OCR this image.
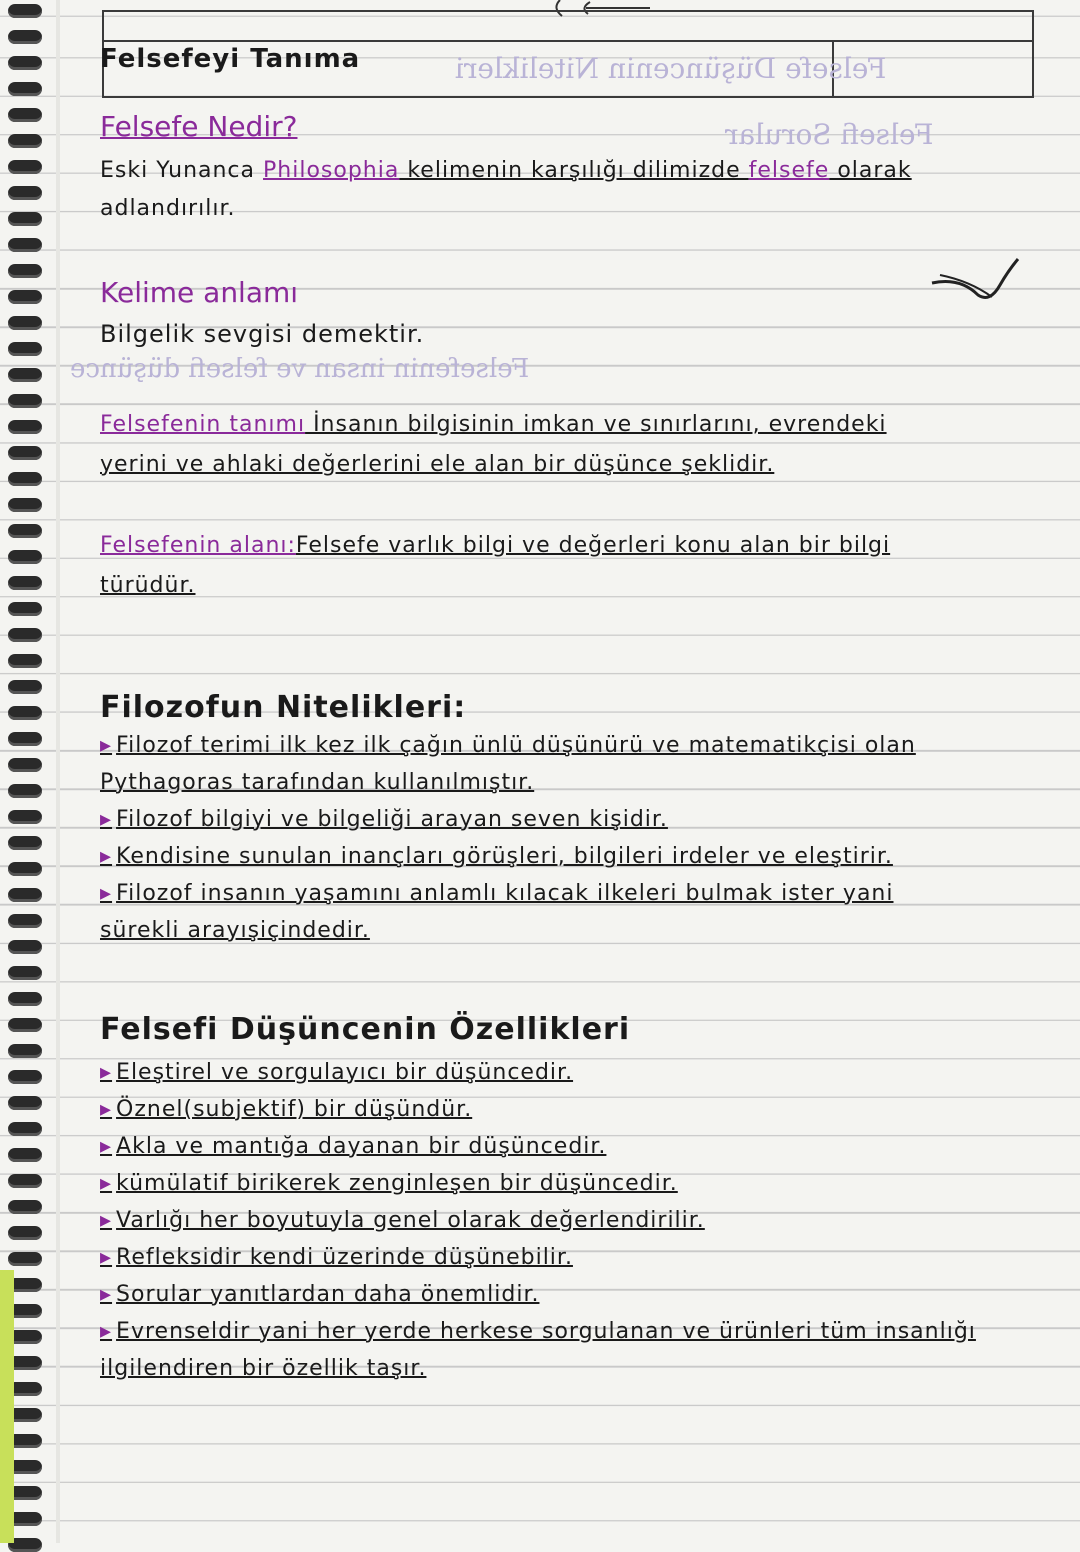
Felsefeyi Tanıma	Felsefe Düşüncenin Nitelikleri
Felsefi Sorular
Felsefenin insan ve felsefi düşünce
Felsefe Nedir?
Eski Yunanca Philosophia kelimenin karşılığı dilimizde felsefe olarak
adlandırılır.
Kelime anlamı
Bilgelik sevgisi demektir.
Felsefenin tanımı İnsanın bilgisinin imkan ve sınırlarını, evrendeki
yerini ve ahlaki değerlerini ele alan bir düşünce şeklidir.
Felsefenin alanı:Felsefe varlık bilgi ve değerleri konu alan bir bilgi
türüdür.
Filozofun Nitelikleri:
▸ Filozof terimi ilk kez ilk çağın ünlü düşünürü ve matematikçisi olan
Pythagoras tarafından kullanılmıştır.
▸ Filozof bilgiyi ve bilgeliği arayan seven kişidir.
▸ Kendisine sunulan inançları görüşleri, bilgileri irdeler ve eleştirir.
▸ Filozof insanın yaşamını anlamlı kılacak ilkeleri bulmak ister yani
sürekli arayışiçindedir.
Felsefi Düşüncenin Özellikleri
▸ Eleştirel ve sorgulayıcı bir düşüncedir.
▸ Öznel(subjektif) bir düşündür.
▸ Akla ve mantığa dayanan bir düşüncedir.
▸ kümülatif birikerek zenginleşen bir düşüncedir.
▸ Varlığı her boyutuyla genel olarak değerlendirilir.
▸ Refleksidir kendi üzerinde düşünebilir.
▸ Sorular yanıtlardan daha önemlidir.
▸ Evrenseldir yani her yerde herkese sorgulanan ve ürünleri tüm insanlığı
ilgilendiren bir özellik taşır.
